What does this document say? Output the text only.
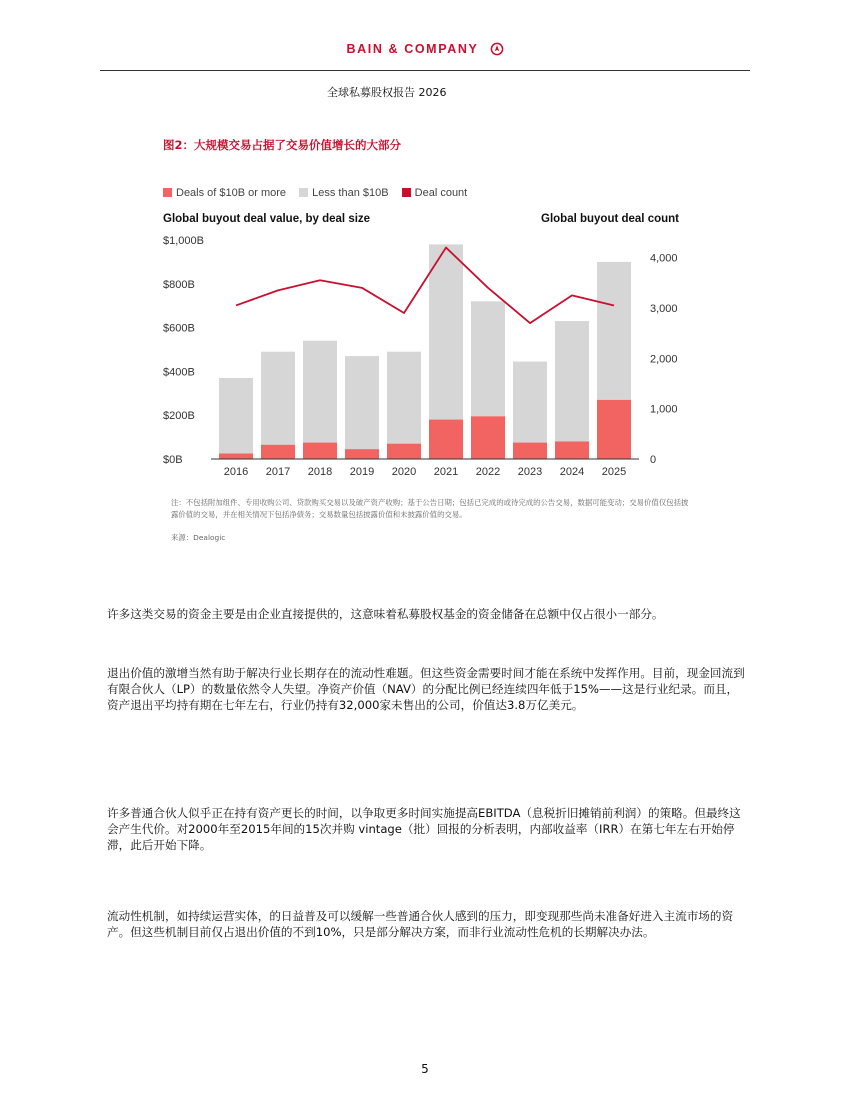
BAIN & COMPANY
全球私募股权报告 2026
图2：大规模交易占据了交易价值增长的大部分
Deals of $10B or more Less than $10B Deal count
Global buyout deal value, by deal size	Global buyout deal count
$0B
$200B
$400B
$600B
$800B
$1,000B
0
1,000
2,000
3,000
4,000
2016 2017 2018 2019 2020 2021 2022 2023 2024 2025
注：不包括附加组件、专用收购公司、贷款购买交易以及破产资产收购；基于公告日期；包括已完成的或待完成的公告交易，数据可能变动；交易价值仅包括披露价值的交易，并在相关情况下包括净债务；交易数量包括披露价值和未披露价值的交易。
来源：Dealogic
许多这类交易的资金主要是由企业直接提供的，这意味着私募股权基金的资金储备在总额中仅占很小一部分。
退出价值的激增当然有助于解决行业长期存在的流动性难题。但这些资金需要时间才能在系统中发挥作用。目前，现金回流到有限合伙人（LP）的数量依然令人失望。净资产价值（NAV）的分配比例已经连续四年低于15%——这是行业纪录。而且，资产退出平均持有期在七年左右，行业仍持有32,000家未售出的公司，价值达3.8万亿美元。
许多普通合伙人似乎正在持有资产更长的时间，以争取更多时间实施提高EBITDA（息税折旧摊销前利润）的策略。但最终这会产生代价。对2000年至2015年间的15次并购 vintage（批）回报的分析表明，内部收益率（IRR）在第七年左右开始停滞，此后开始下降。
流动性机制，如持续运营实体，的日益普及可以缓解一些普通合伙人感到的压力，即变现那些尚未准备好进入主流市场的资产。但这些机制目前仅占退出价值的不到10%，只是部分解决方案，而非行业流动性危机的长期解决办法。
5
